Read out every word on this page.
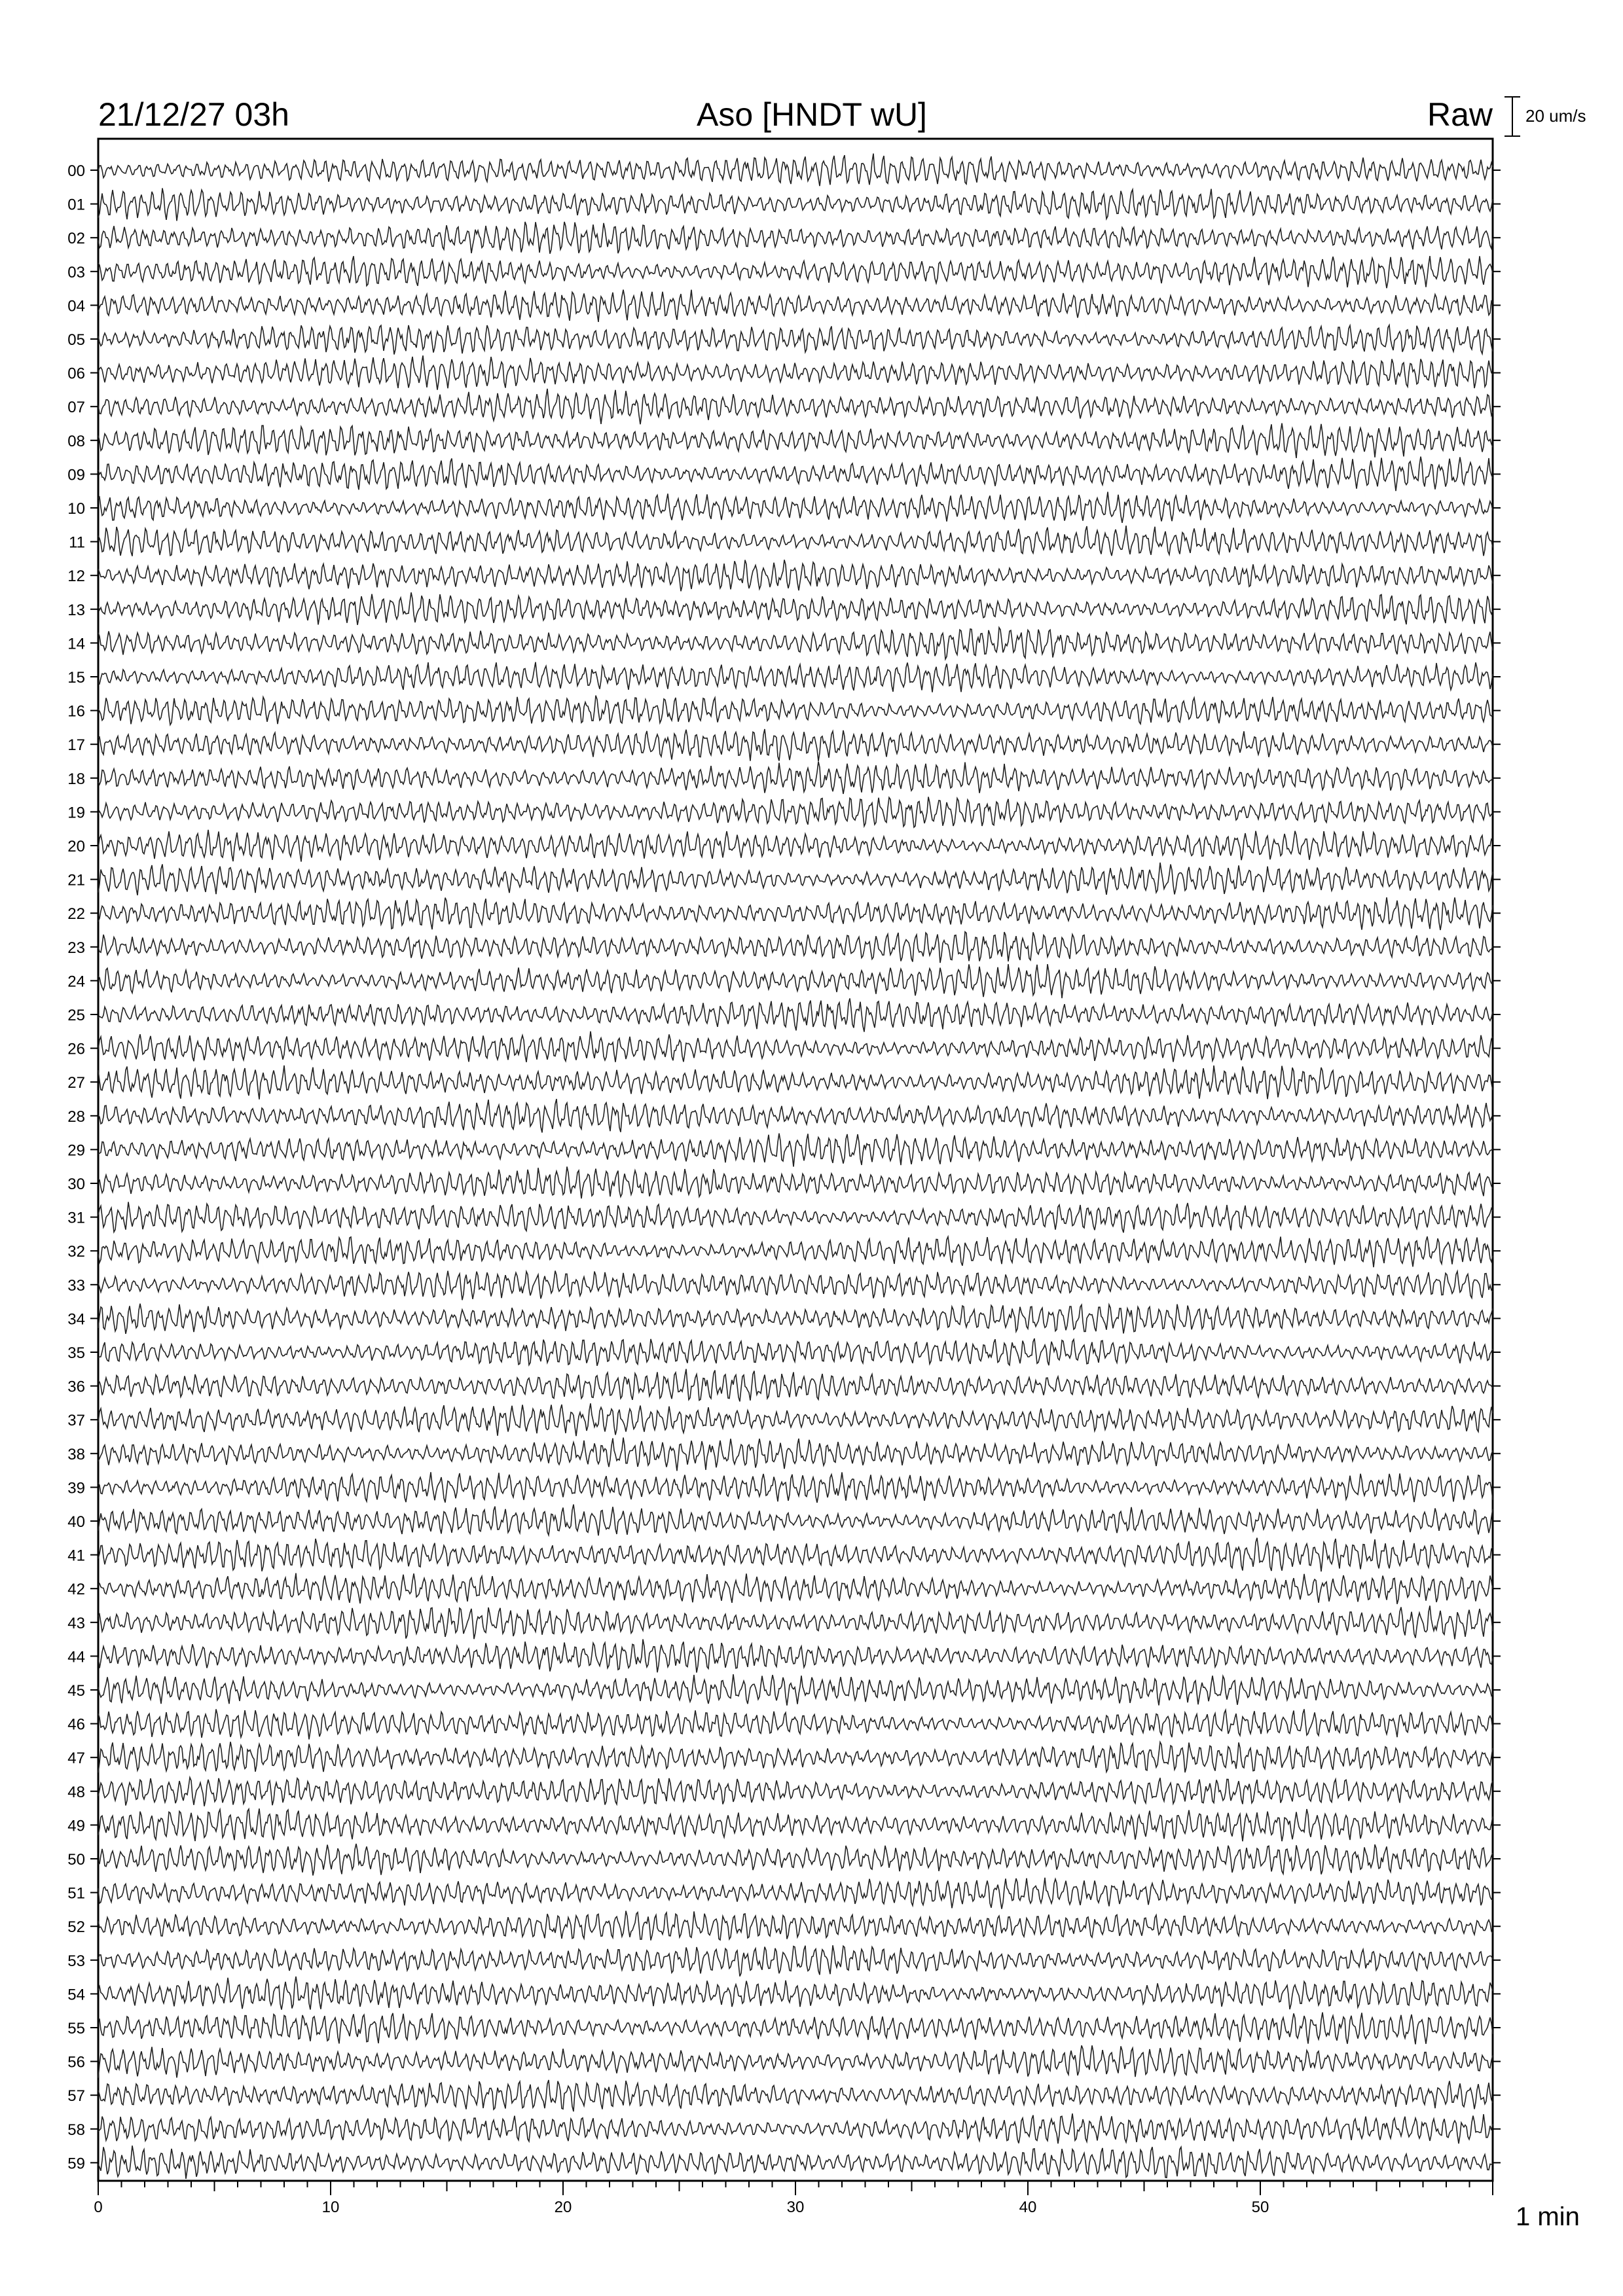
21/12/27 03h	Aso [HNDT wU]	Raw 20 um/s
00
01
02
03
04
05
06
07
08
09
10
11
12
13
14
15
16
17
18
19
20
21
22
23
24
25
26
27
28
29
30
31
32
33
34
35
36
37
38
39
40
41
42
43
44
45
46
47
48
49
50
51
52
53
54
55
56
57
58
59
0	10	20	30	40	50	1 min
